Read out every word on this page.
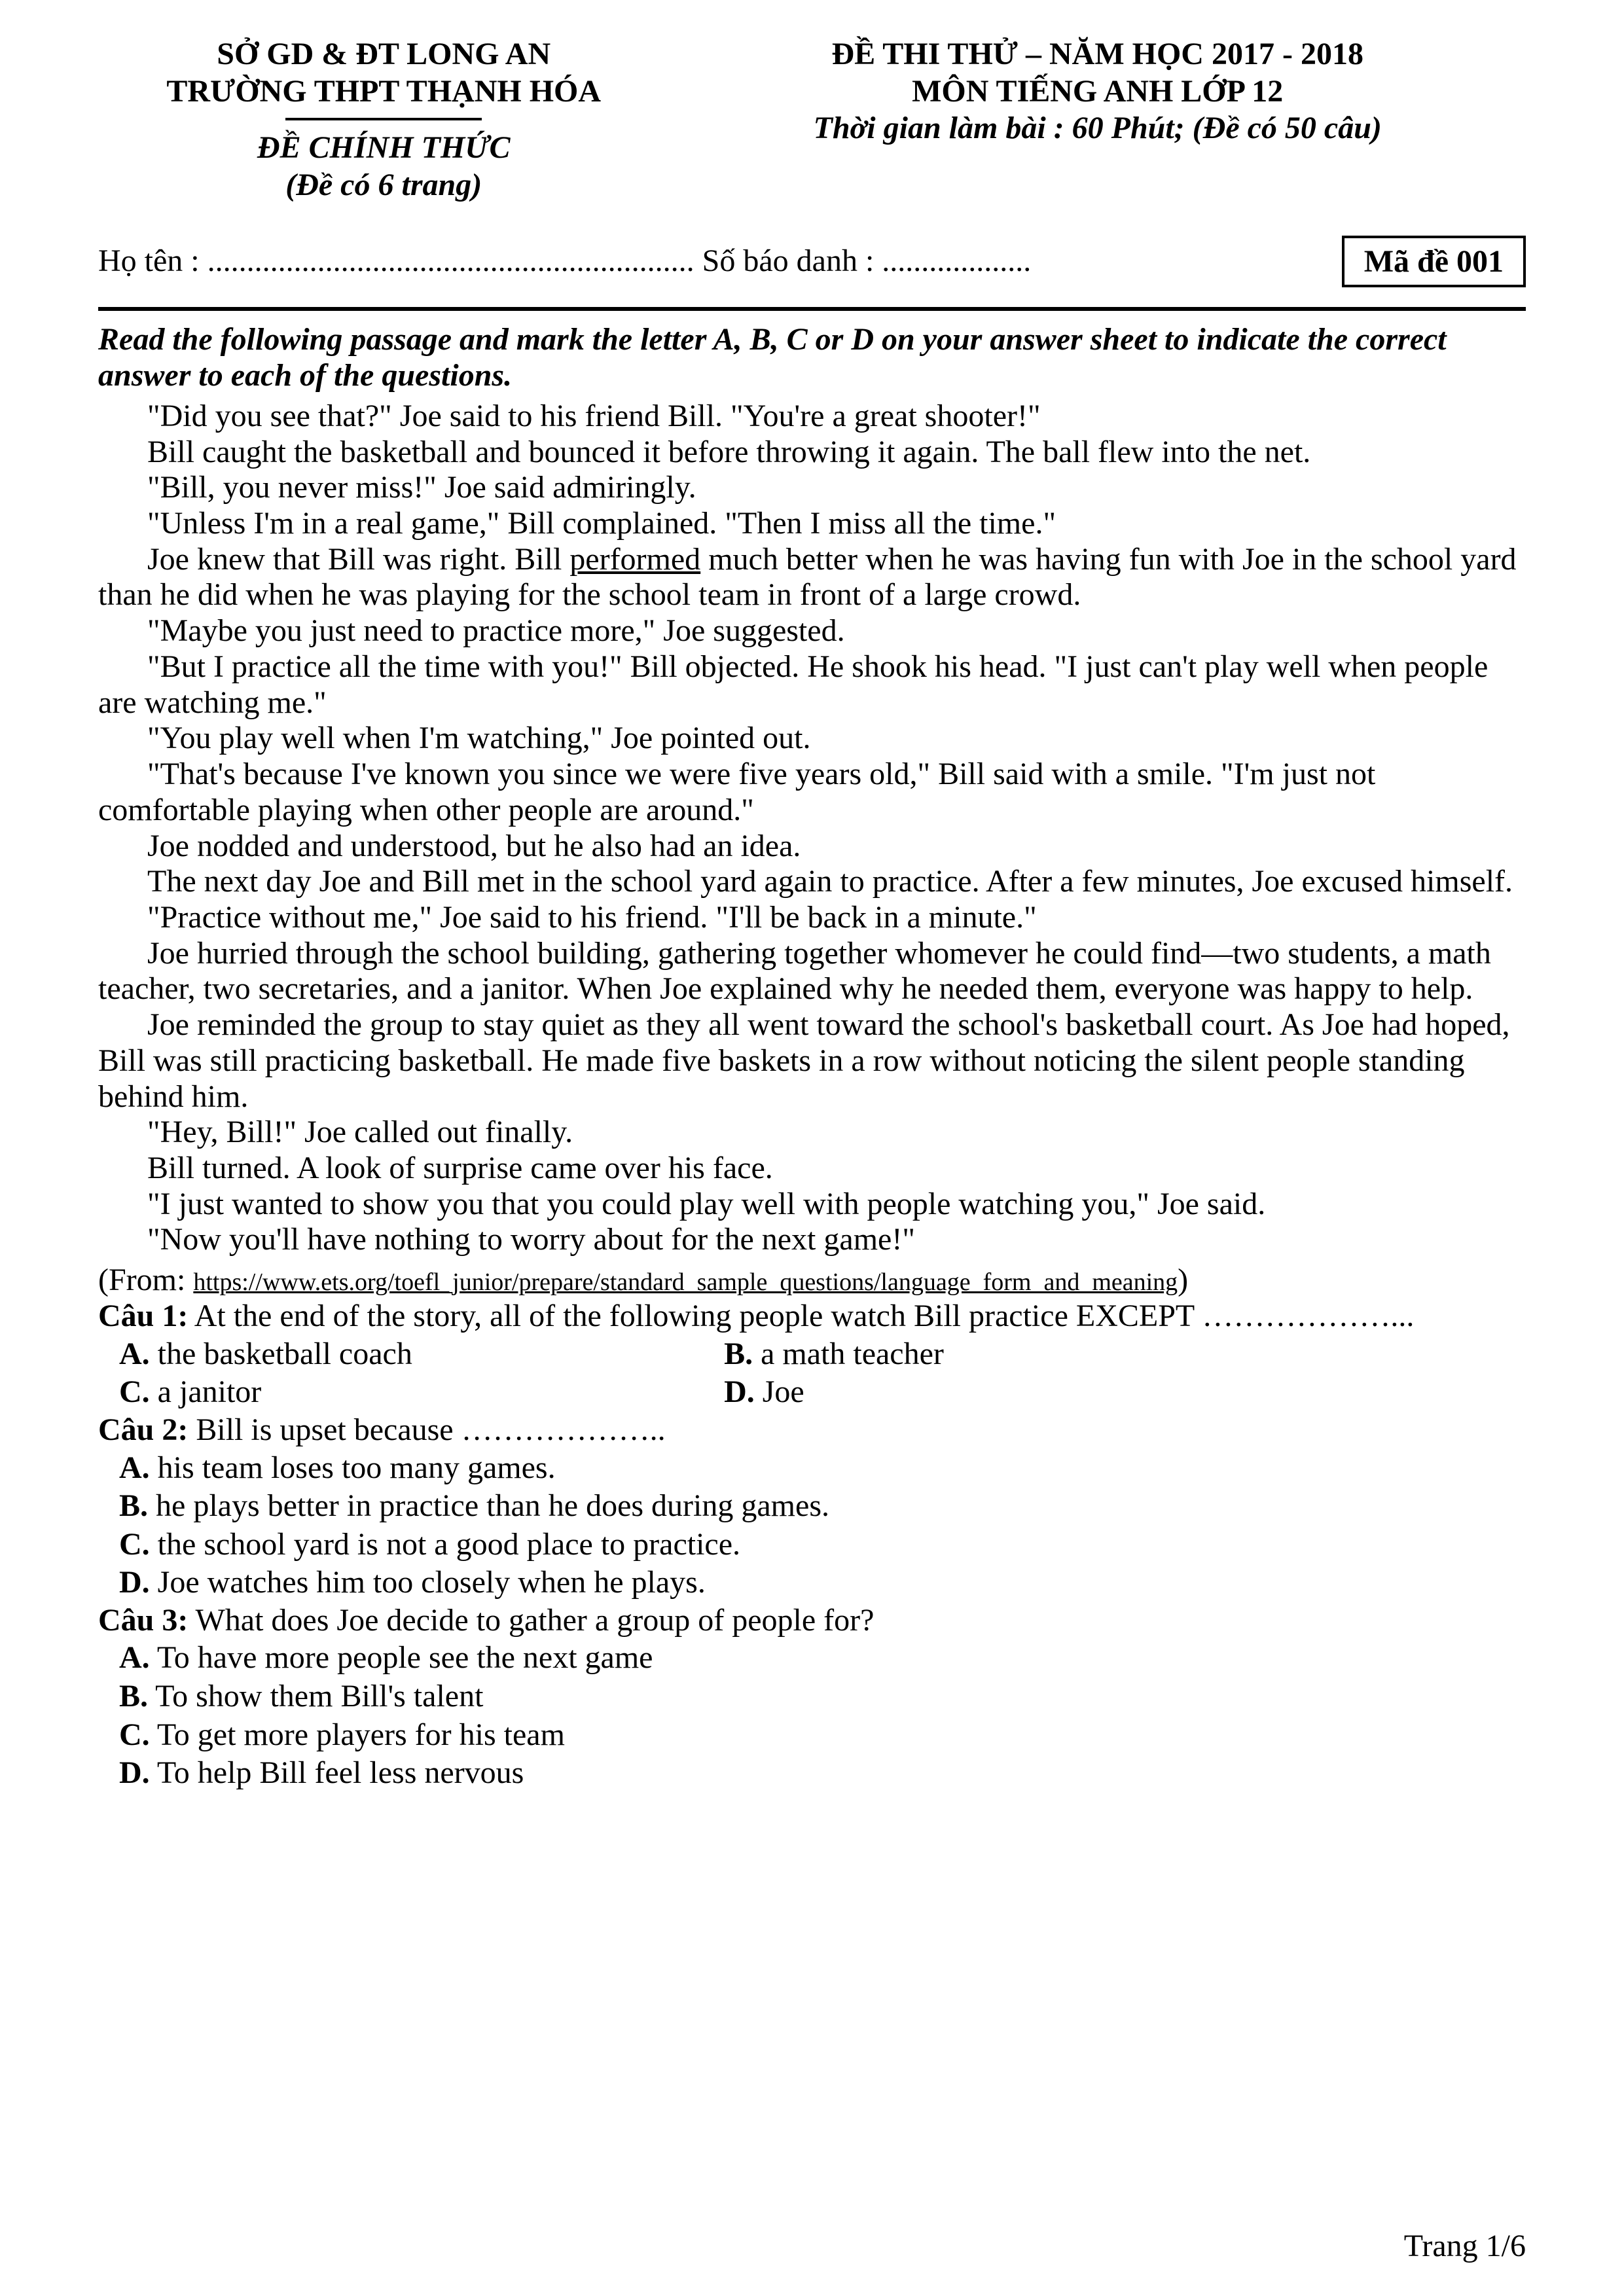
SỞ GD & ĐT LONG AN
TRƯỜNG THPT THẠNH HÓA
ĐỀ CHÍNH THỨC
(Đề có 6 trang)
ĐỀ THI THỬ – NĂM HỌC 2017 - 2018
MÔN TIẾNG ANH LỚP 12
Thời gian làm bài : 60 Phút; (Đề có 50 câu)
Họ tên : .............................................................. Số báo danh : ...................	Mã đề 001

Read the following passage and mark the letter A, B, C or D on your answer sheet to indicate the correct answer to each of the questions.

"Did you see that?" Joe said to his friend Bill. "You're a great shooter!"

Bill caught the basketball and bounced it before throwing it again. The ball flew into the net.

"Bill, you never miss!" Joe said admiringly.

"Unless I'm in a real game," Bill complained. "Then I miss all the time."

Joe knew that Bill was right. Bill performed much better when he was having fun with Joe in the school yard than he did when he was playing for the school team in front of a large crowd.

"Maybe you just need to practice more," Joe suggested.

"But I practice all the time with you!" Bill objected. He shook his head. "I just can't play well when people are watching me."

"You play well when I'm watching," Joe pointed out.

"That's because I've known you since we were five years old," Bill said with a smile. "I'm just not comfortable playing when other people are around."

Joe nodded and understood, but he also had an idea.

The next day Joe and Bill met in the school yard again to practice. After a few minutes, Joe excused himself.

"Practice without me," Joe said to his friend. "I'll be back in a minute."

Joe hurried through the school building, gathering together whomever he could find—two students, a math teacher, two secretaries, and a janitor. When Joe explained why he needed them, everyone was happy to help.

Joe reminded the group to stay quiet as they all went toward the school's basketball court. As Joe had hoped, Bill was still practicing basketball. He made five baskets in a row without noticing the silent people standing behind him.

"Hey, Bill!" Joe called out finally.

Bill turned. A look of surprise came over his face.

"I just wanted to show you that you could play well with people watching you," Joe said.

"Now you'll have nothing to worry about for the next game!"

(From: https://www.ets.org/toefl_junior/prepare/standard_sample_questions/language_form_and_meaning)

Câu 1: At the end of the story, all of the following people watch Bill practice EXCEPT ………………...

A. the basketball coach	B. a math teacher
C. a janitor	D. Joe

Câu 2: Bill is upset because ………………..

A. his team loses too many games.
B. he plays better in practice than he does during games.
C. the school yard is not a good place to practice.
D. Joe watches him too closely when he plays.

Câu 3: What does Joe decide to gather a group of people for?

A. To have more people see the next game
B. To show them Bill's talent
C. To get more players for his team
D. To help Bill feel less nervous
Trang 1/6
